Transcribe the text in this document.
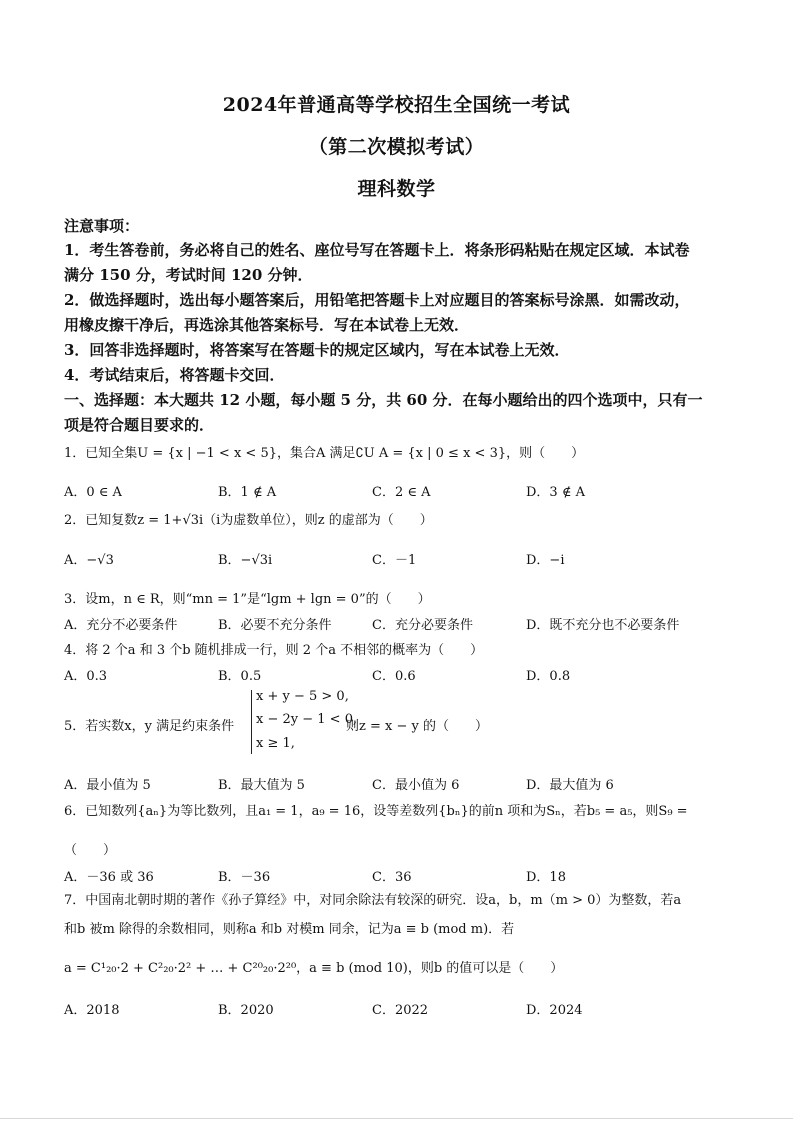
2024年普通高等学校招生全国统一考试
（第二次模拟考试）
理科数学
注意事项：
1．考生答卷前，务必将自己的姓名、座位号写在答题卡上．将条形码粘贴在规定区域．本试卷
满分 150 分，考试时间 120 分钟．
2．做选择题时，选出每小题答案后，用铅笔把答题卡上对应题目的答案标号涂黑．如需改动，
用橡皮擦干净后，再选涂其他答案标号．写在本试卷上无效．
3．回答非选择题时，将答案写在答题卡的规定区域内，写在本试卷上无效．
4．考试结束后，将答题卡交回．
一、选择题：本大题共 12 小题，每小题 5 分，共 60 分．在每小题给出的四个选项中，只有一
项是符合题目要求的．
1．已知全集U = {x | −1 < x < 5}，集合A 满足∁U A = {x | 0 ≤ x < 3}，则（　　）
A．0 ∈ A	B．1 ∉ A	C．2 ∈ A	D．3 ∉ A
2．已知复数z = 1+√3i（i为虚数单位），则z 的虚部为（　　）
A．−√3	B．−√3i	C．－1	D．−i
3．设m，n ∈ R，则“mn = 1”是“lgm + lgn = 0”的（　　）
A．充分不必要条件	B．必要不充分条件	C．充分必要条件	D．既不充分也不必要条件
4．将 2 个a 和 3 个b 随机排成一行，则 2 个a 不相邻的概率为（　　）
A．0.3	B．0.5	C．0.6	D．0.8
5．若实数x，y 满足约束条件
x + y − 5 > 0,
x − 2y − 1 < 0,
x ≥ 1,
则z = x − y 的（　　）
A．最小值为 5	B．最大值为 5	C．最小值为 6	D．最大值为 6
6．已知数列{aₙ}为等比数列，且a₁ = 1，a₉ = 16，设等差数列{bₙ}的前n 项和为Sₙ，若b₅ = a₅，则S₉ =
（　　）
A．－36 或 36	B．－36	C．36	D．18
7．中国南北朝时期的著作《孙子算经》中，对同余除法有较深的研究．设a，b，m（m > 0）为整数，若a
和b 被m 除得的余数相同，则称a 和b 对模m 同余，记为a ≡ b (mod m)．若
a = C¹₂₀·2 + C²₂₀·2² + … + C²⁰₂₀·2²⁰，a ≡ b (mod 10)，则b 的值可以是（　　）
A．2018	B．2020	C．2022	D．2024
